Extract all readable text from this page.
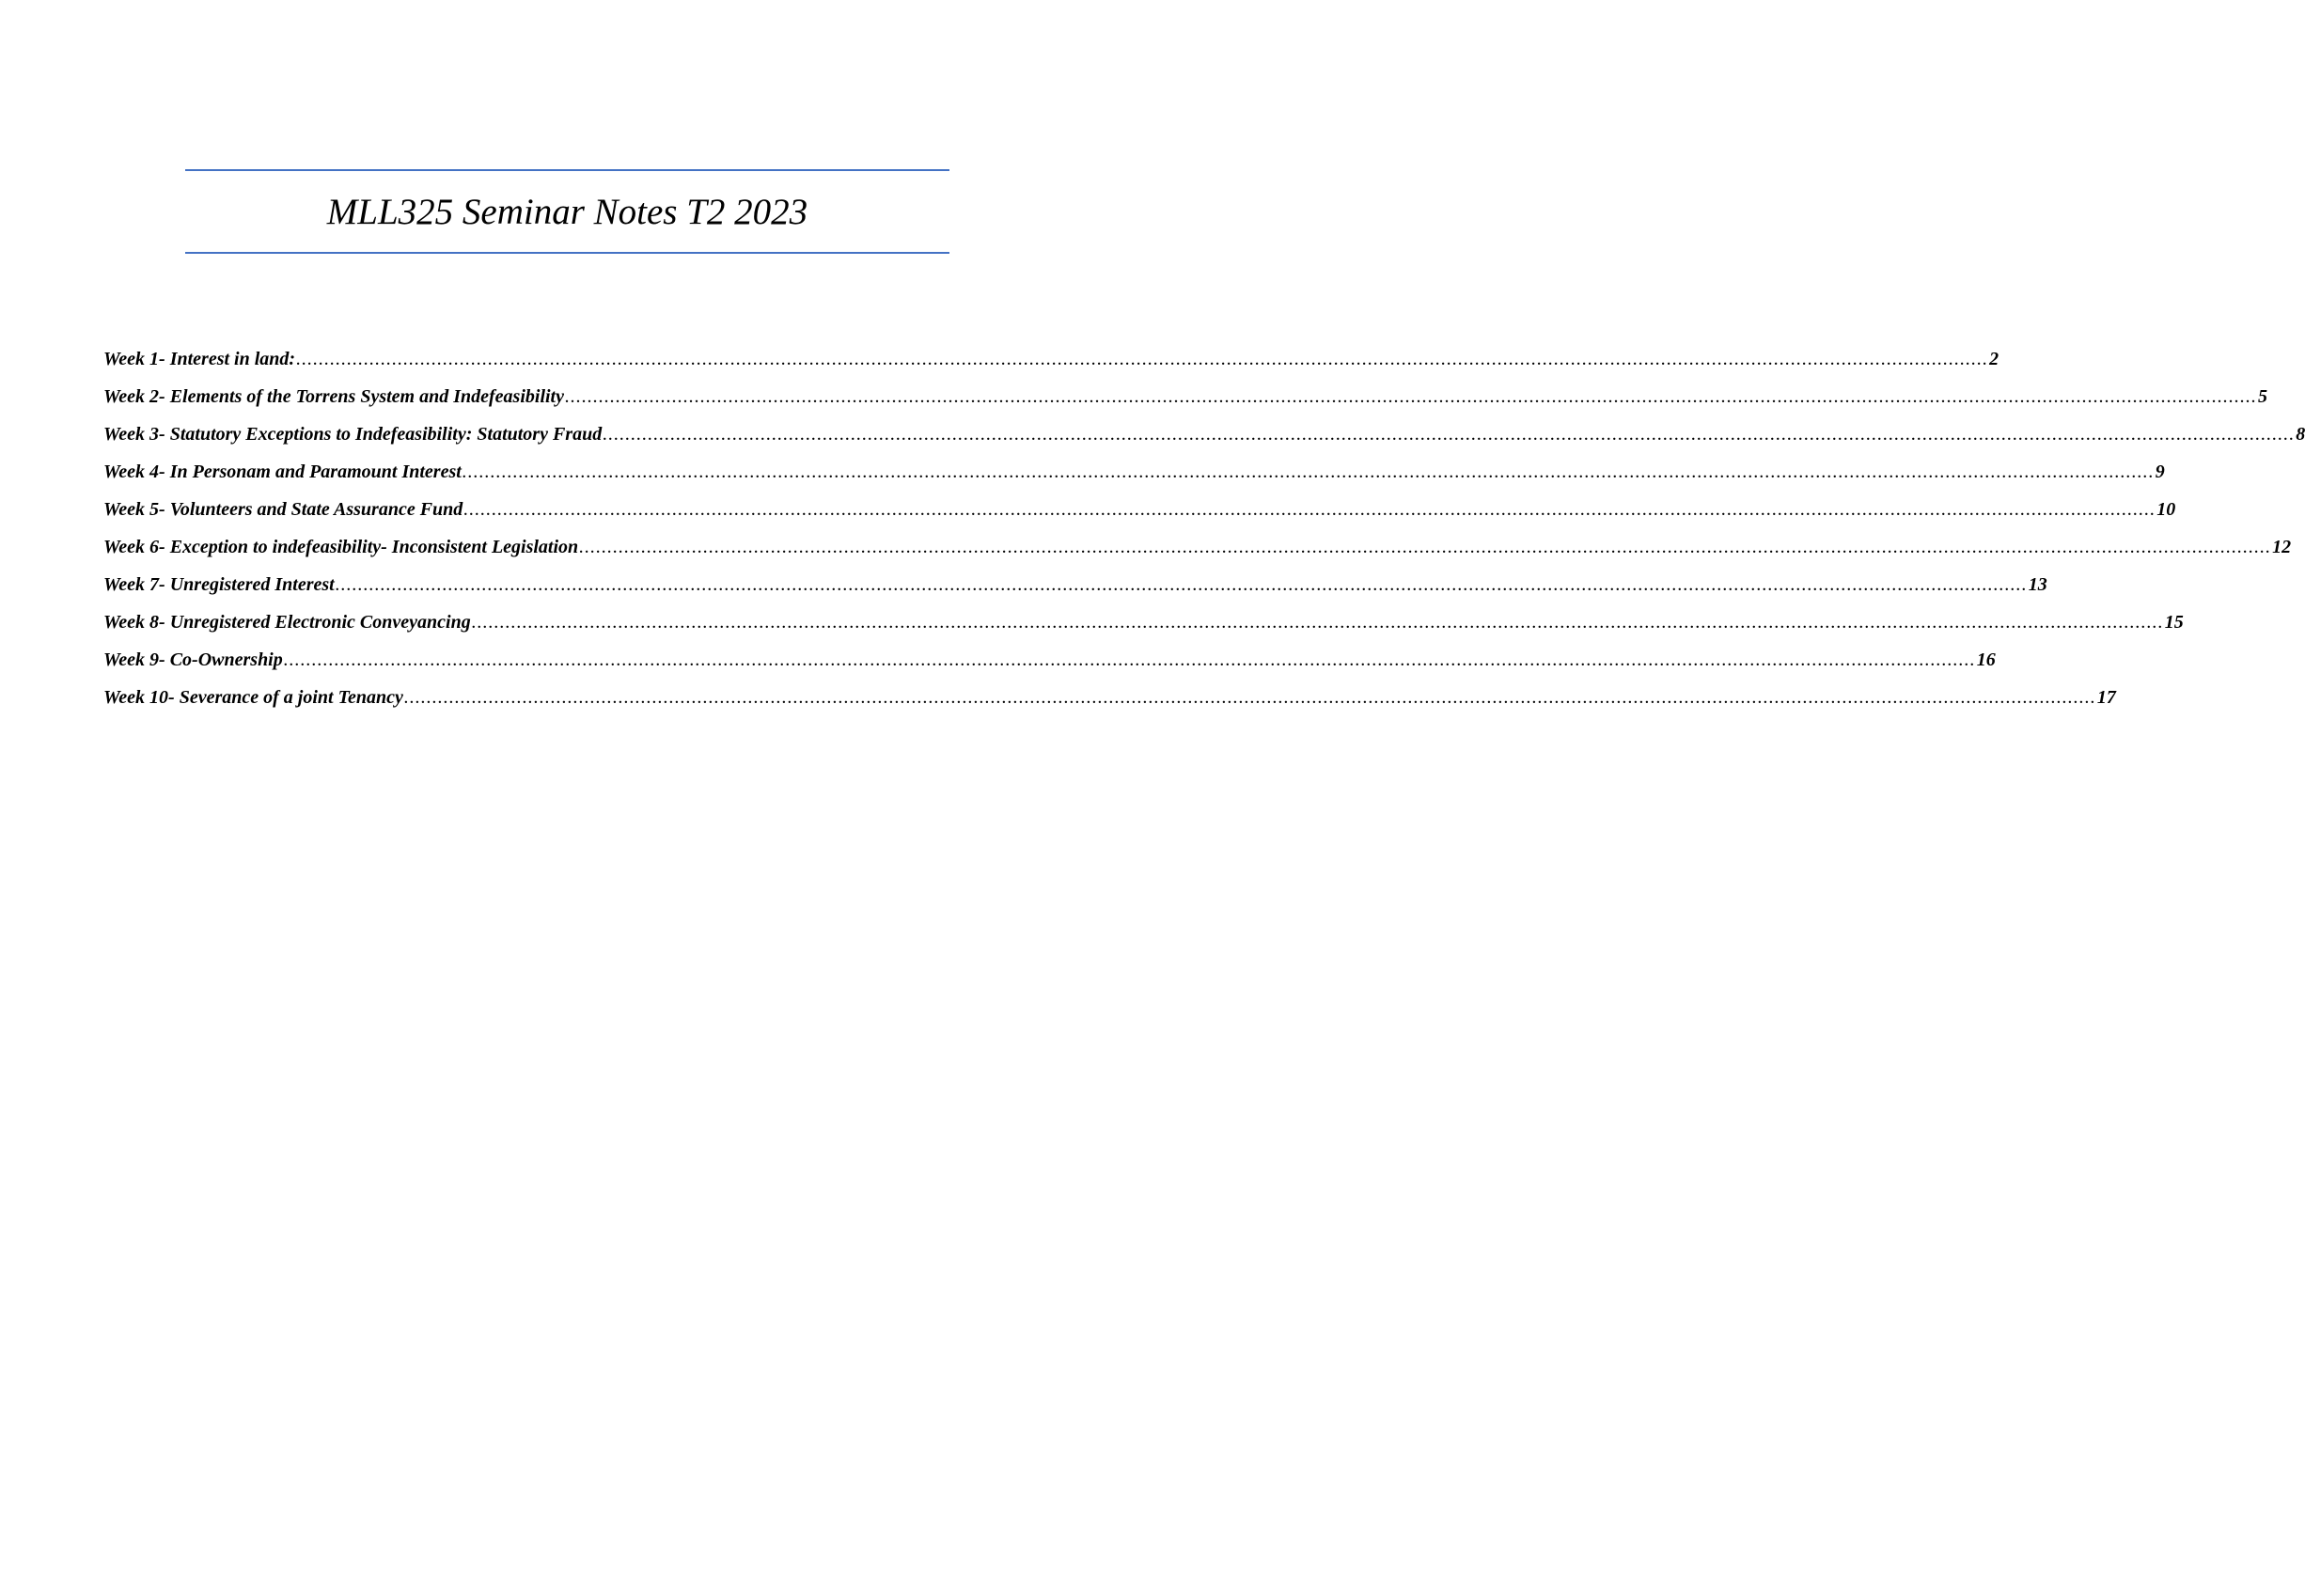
MLL325 Seminar Notes T2 2023
Week 1- Interest in land: ............................................................................................................................................................................................................................................................................................................ 2
Week 2- Elements of the Torrens System and Indefeasibility ............................................................................................................................................................................................................................................................................................................ 5
Week 3- Statutory Exceptions to Indefeasibility: Statutory Fraud ............................................................................................................................................................................................................................................................................................................ 8
Week 4- In Personam and Paramount Interest ............................................................................................................................................................................................................................................................................................................ 9
Week 5- Volunteers and State Assurance Fund ............................................................................................................................................................................................................................................................................................................ 10
Week 6- Exception to indefeasibility- Inconsistent Legislation ............................................................................................................................................................................................................................................................................................................ 12
Week 7- Unregistered Interest ............................................................................................................................................................................................................................................................................................................ 13
Week 8- Unregistered Electronic Conveyancing ............................................................................................................................................................................................................................................................................................................ 15
Week 9- Co-Ownership ............................................................................................................................................................................................................................................................................................................ 16
Week 10- Severance of a joint Tenancy ............................................................................................................................................................................................................................................................................................................ 17
